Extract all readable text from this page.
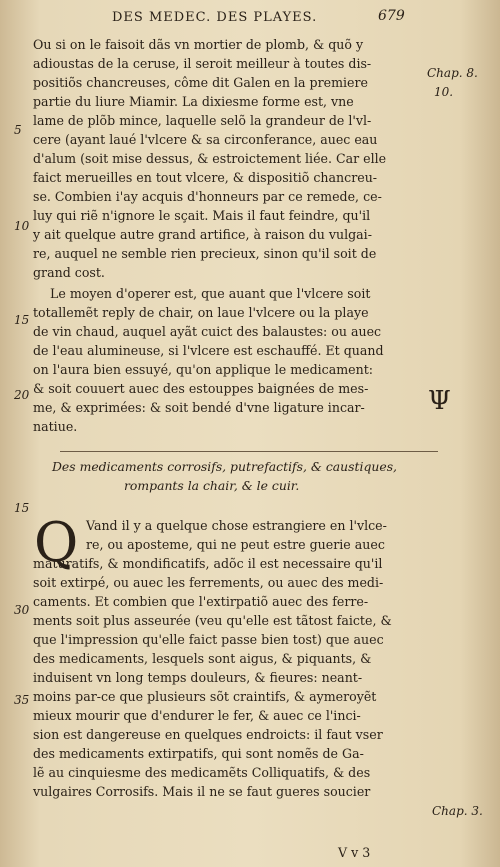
DES MEDEC. DES PLAYES.	679
Chap. 8.
10.
Chap. 3.
Ψ
5
10
15
20
15
30
35
Ou si on le faisoit dãs vn mortier de plomb, & quõ y
adioustas de la ceruse, il seroit meilleur à toutes dis-
positiõs chancreuses, côme dit Galen en la premiere
partie du liure Miamir. La dixiesme forme est, vne
lame de plõb mince, laquelle selõ la grandeur de l'vl-
cere (ayant laué l'vlcere & sa circonferance, auec eau
d'alum (soit mise dessus, & estroictement liée. Car elle
faict merueilles en tout vlcere, & dispositiõ chancreu-
se. Combien i'ay acquis d'honneurs par ce remede, ce-
luy qui riẽ n'ignore le sçait. Mais il faut feindre, qu'il
y ait quelque autre grand artifice, à raison du vulgai-
re, auquel ne semble rien precieux, sinon qu'il soit de
grand cost.
Le moyen d'operer est, que auant que l'vlcere soit
totallemẽt reply de chair, on laue l'vlcere ou la playe
de vin chaud, auquel ayãt cuict des balaustes: ou auec
de l'eau alumineuse, si l'vlcere est eschauffé. Et quand
on l'aura bien essuyé, qu'on applique le medicament:
& soit couuert auec des estouppes baignées de mes-
me, & exprimées: & soit bendé d'vne ligature incar-
natiue.
Des medicaments corrosifs, putrefactifs, & caustiques,
rompants la chair, & le cuir.
Q Vand il y a quelque chose estrangiere en l'vlce-
re, ou aposteme, qui ne peut estre guerie auec
maturatifs, & mondificatifs, adõc il est necessaire qu'il
soit extirpé, ou auec les ferrements, ou auec des medi-
caments. Et combien que l'extirpatiõ auec des ferre-
ments soit plus asseurée (veu qu'elle est tãtost faicte, &
que l'impression qu'elle faict passe bien tost) que auec
des medicaments, lesquels sont aigus, & piquants, &
induisent vn long temps douleurs, & fieures: neant-
moins par-ce que plusieurs sõt craintifs, & aymeroyẽt
mieux mourir que d'endurer le fer, & auec ce l'inci-
sion est dangereuse en quelques endroicts: il faut vser
des medicaments extirpatifs, qui sont nomẽs de Ga-
lẽ au cinquiesme des medicamẽts Colliquatifs, & des
vulgaires Corrosifs. Mais il ne se faut gueres soucier
V v 3
